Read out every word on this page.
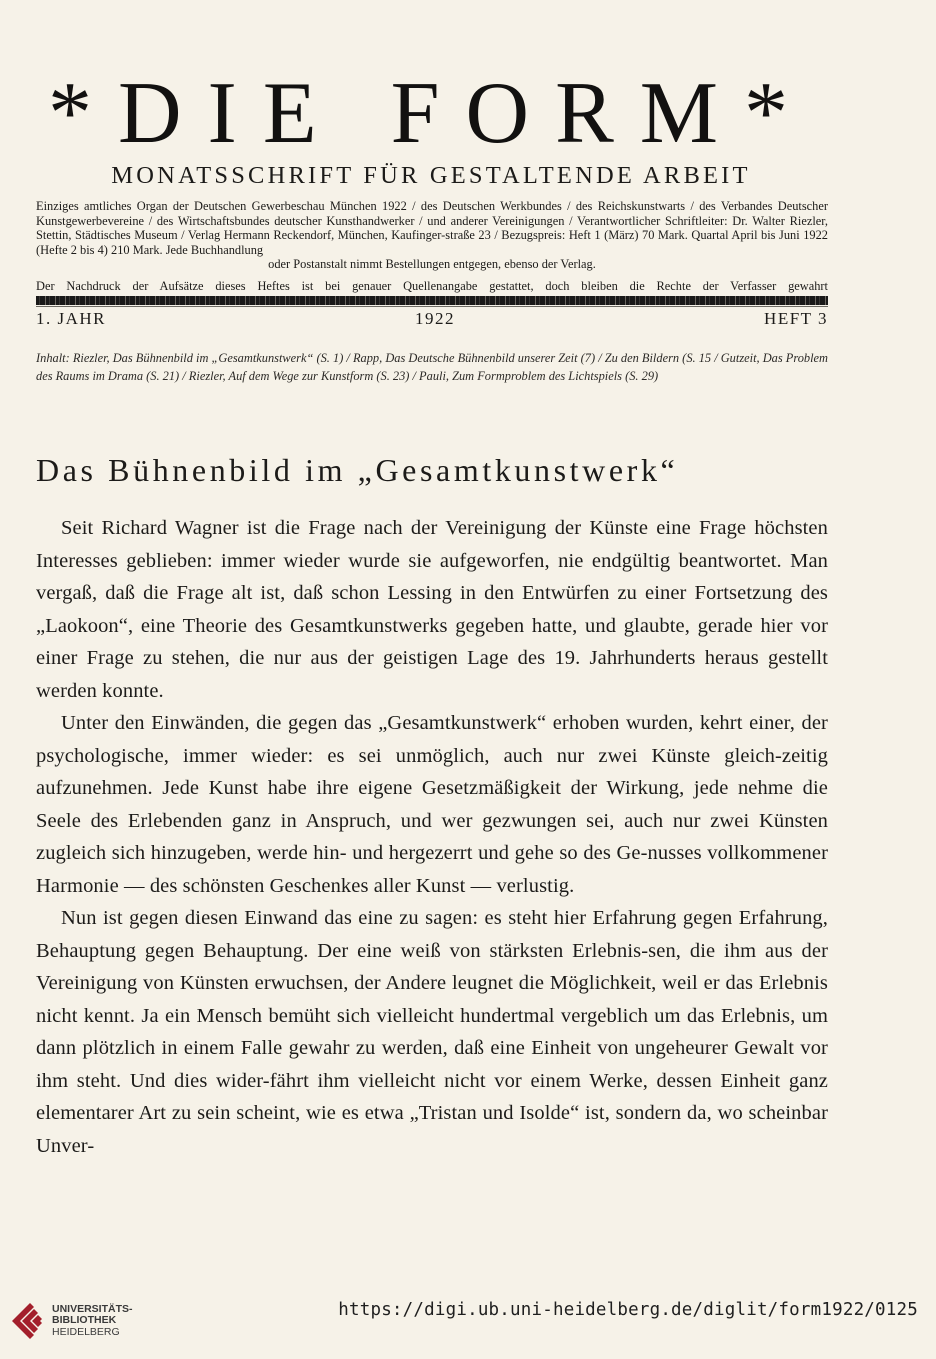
*DIE FORM*
MONATSSCHRIFT FÜR GESTALTENDE ARBEIT

Einziges amtliches Organ der Deutschen Gewerbeschau München 1922 / des Deutschen Werkbundes / des Reichskunstwarts / des Verbandes Deutscher Kunstgewerbevereine / des Wirtschaftsbundes deutscher Kunsthandwerker / und anderer Vereinigungen / Verantwortlicher Schriftleiter: Dr. Walter Riezler, Stettin, Städtisches Museum / Verlag Hermann Reckendorf, München, Kaufinger-straße 23 / Bezugspreis: Heft 1 (März) 70 Mark. Quartal April bis Juni 1922 (Hefte 2 bis 4) 210 Mark. Jede Buchhandlung

oder Postanstalt nimmt Bestellungen entgegen, ebenso der Verlag.

Der Nachdruck der Aufsätze dieses Heftes ist bei genauer Quellenangabe gestattet, doch bleiben die Rechte der Verfasser gewahrt
1. JAHR	1922	HEFT 3
Inhalt: Riezler, Das Bühnenbild im „Gesamtkunstwerk“ (S. 1) / Rapp, Das Deutsche Bühnenbild unserer Zeit (7) / Zu den Bildern (S. 15 / Gutzeit, Das Problem des Raums im Drama (S. 21) / Riezler, Auf dem Wege zur Kunstform (S. 23) / Pauli, Zum Formproblem des Lichtspiels (S. 29)
Das Bühnenbild im „Gesamtkunstwerk“

Seit Richard Wagner ist die Frage nach der Vereinigung der Künste eine Frage höchsten Interesses geblieben: immer wieder wurde sie aufgeworfen, nie endgültig beantwortet. Man vergaß, daß die Frage alt ist, daß schon Lessing in den Entwürfen zu einer Fortsetzung des „Laokoon“, eine Theorie des Gesamtkunstwerks gegeben hatte, und glaubte, gerade hier vor einer Frage zu stehen, die nur aus der geistigen Lage des 19. Jahrhunderts heraus gestellt werden konnte.

Unter den Einwänden, die gegen das „Gesamtkunstwerk“ erhoben wurden, kehrt einer, der psychologische, immer wieder: es sei unmöglich, auch nur zwei Künste gleich-zeitig aufzunehmen. Jede Kunst habe ihre eigene Gesetzmäßigkeit der Wirkung, jede nehme die Seele des Erlebenden ganz in Anspruch, und wer gezwungen sei, auch nur zwei Künsten zugleich sich hinzugeben, werde hin- und hergezerrt und gehe so des Ge-nusses vollkommener Harmonie — des schönsten Geschenkes aller Kunst — verlustig.

Nun ist gegen diesen Einwand das eine zu sagen: es steht hier Erfahrung gegen Erfahrung, Behauptung gegen Behauptung. Der eine weiß von stärksten Erlebnis-sen, die ihm aus der Vereinigung von Künsten erwuchsen, der Andere leugnet die Möglichkeit, weil er das Erlebnis nicht kennt. Ja ein Mensch bemüht sich vielleicht hundertmal vergeblich um das Erlebnis, um dann plötzlich in einem Falle gewahr zu werden, daß eine Einheit von ungeheurer Gewalt vor ihm steht. Und dies wider-fährt ihm vielleicht nicht vor einem Werke, dessen Einheit ganz elementarer Art zu sein scheint, wie es etwa „Tristan und Isolde“ ist, sondern da, wo scheinbar Unver-

UNIVERSITÄTS-
BIBLIOTHEK
HEIDELBERG
https://digi.ub.uni-heidelberg.de/diglit/form1922/0125
